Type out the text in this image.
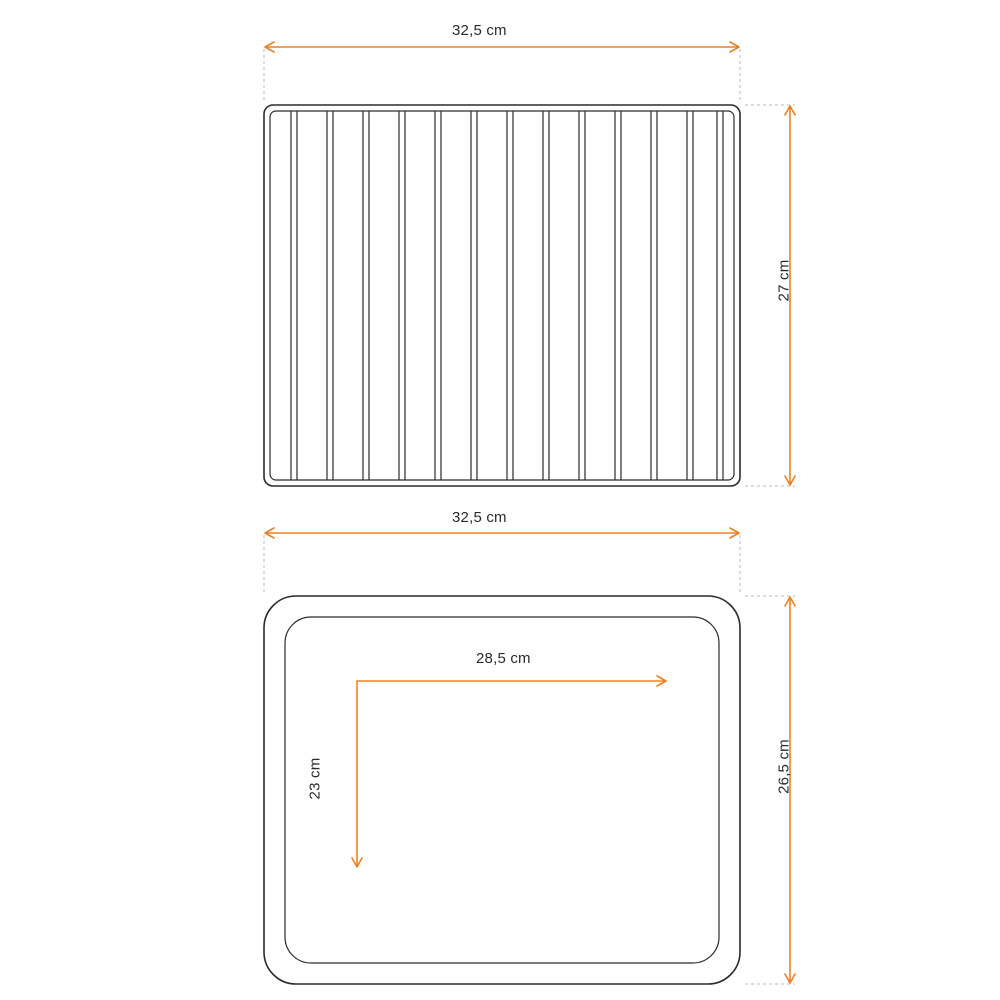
32,5 cm
27 cm
32,5 cm
26,5 cm
28,5 cm
23 cm
